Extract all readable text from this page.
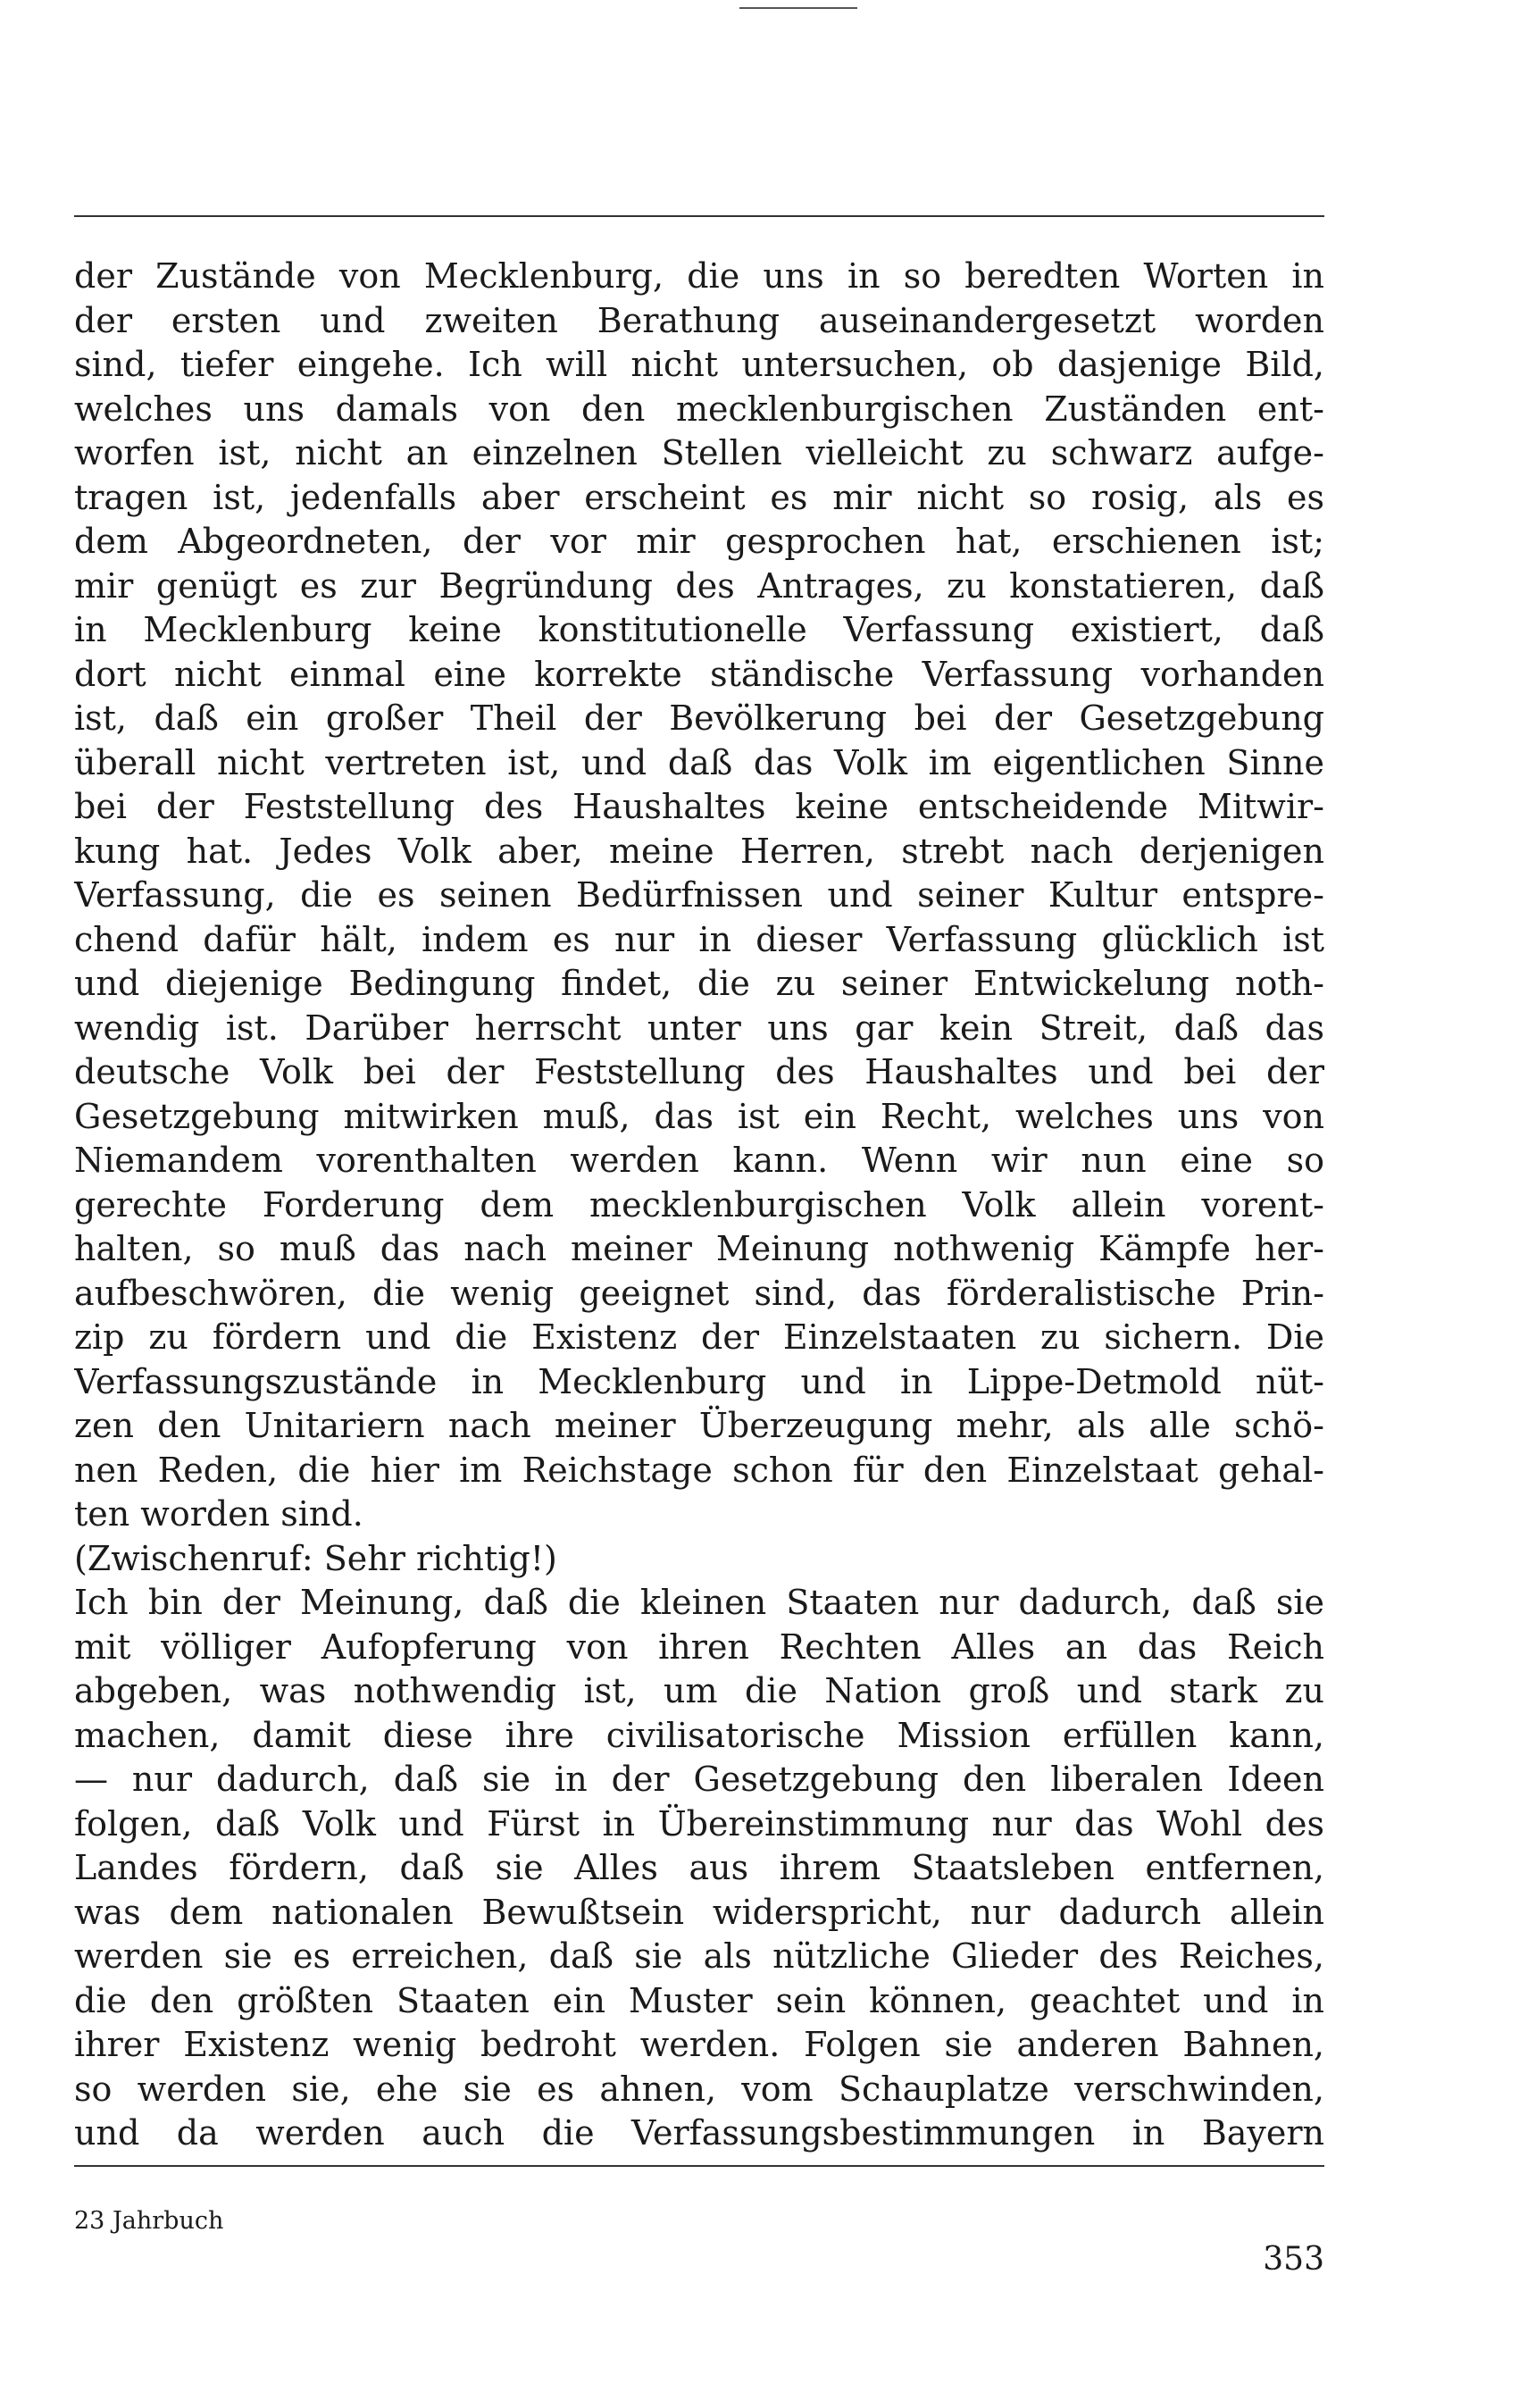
der Zustände von Mecklenburg, die uns in so beredten Worten in
der ersten und zweiten Berathung auseinandergesetzt worden
sind, tiefer eingehe. Ich will nicht untersuchen, ob dasjenige Bild,
welches uns damals von den mecklenburgischen Zuständen ent-
worfen ist, nicht an einzelnen Stellen vielleicht zu schwarz aufge-
tragen ist, jedenfalls aber erscheint es mir nicht so rosig, als es
dem Abgeordneten, der vor mir gesprochen hat, erschienen ist;
mir genügt es zur Begründung des Antrages, zu konstatieren, daß
in Mecklenburg keine konstitutionelle Verfassung existiert, daß
dort nicht einmal eine korrekte ständische Verfassung vorhanden
ist, daß ein großer Theil der Bevölkerung bei der Gesetzgebung
überall nicht vertreten ist, und daß das Volk im eigentlichen Sinne
bei der Feststellung des Haushaltes keine entscheidende Mitwir-
kung hat. Jedes Volk aber, meine Herren, strebt nach derjenigen
Verfassung, die es seinen Bedürfnissen und seiner Kultur entspre-
chend dafür hält, indem es nur in dieser Verfassung glücklich ist
und diejenige Bedingung findet, die zu seiner Entwickelung noth-
wendig ist. Darüber herrscht unter uns gar kein Streit, daß das
deutsche Volk bei der Feststellung des Haushaltes und bei der
Gesetzgebung mitwirken muß, das ist ein Recht, welches uns von
Niemandem vorenthalten werden kann. Wenn wir nun eine so
gerechte Forderung dem mecklenburgischen Volk allein vorent-
halten, so muß das nach meiner Meinung nothwenig Kämpfe her-
aufbeschwören, die wenig geeignet sind, das förderalistische Prin-
zip zu fördern und die Existenz der Einzelstaaten zu sichern. Die
Verfassungszustände in Mecklenburg und in Lippe-Detmold nüt-
zen den Unitariern nach meiner Überzeugung mehr, als alle schö-
nen Reden, die hier im Reichstage schon für den Einzelstaat gehal-
ten worden sind.
(Zwischenruf: Sehr richtig!)
Ich bin der Meinung, daß die kleinen Staaten nur dadurch, daß sie
mit völliger Aufopferung von ihren Rechten Alles an das Reich
abgeben, was nothwendig ist, um die Nation groß und stark zu
machen, damit diese ihre civilisatorische Mission erfüllen kann,
— nur dadurch, daß sie in der Gesetzgebung den liberalen Ideen
folgen, daß Volk und Fürst in Übereinstimmung nur das Wohl des
Landes fördern, daß sie Alles aus ihrem Staatsleben entfernen,
was dem nationalen Bewußtsein widerspricht, nur dadurch allein
werden sie es erreichen, daß sie als nützliche Glieder des Reiches,
die den größten Staaten ein Muster sein können, geachtet und in
ihrer Existenz wenig bedroht werden. Folgen sie anderen Bahnen,
so werden sie, ehe sie es ahnen, vom Schauplatze verschwinden,
und da werden auch die Verfassungsbestimmungen in Bayern
23 Jahrbuch
353
